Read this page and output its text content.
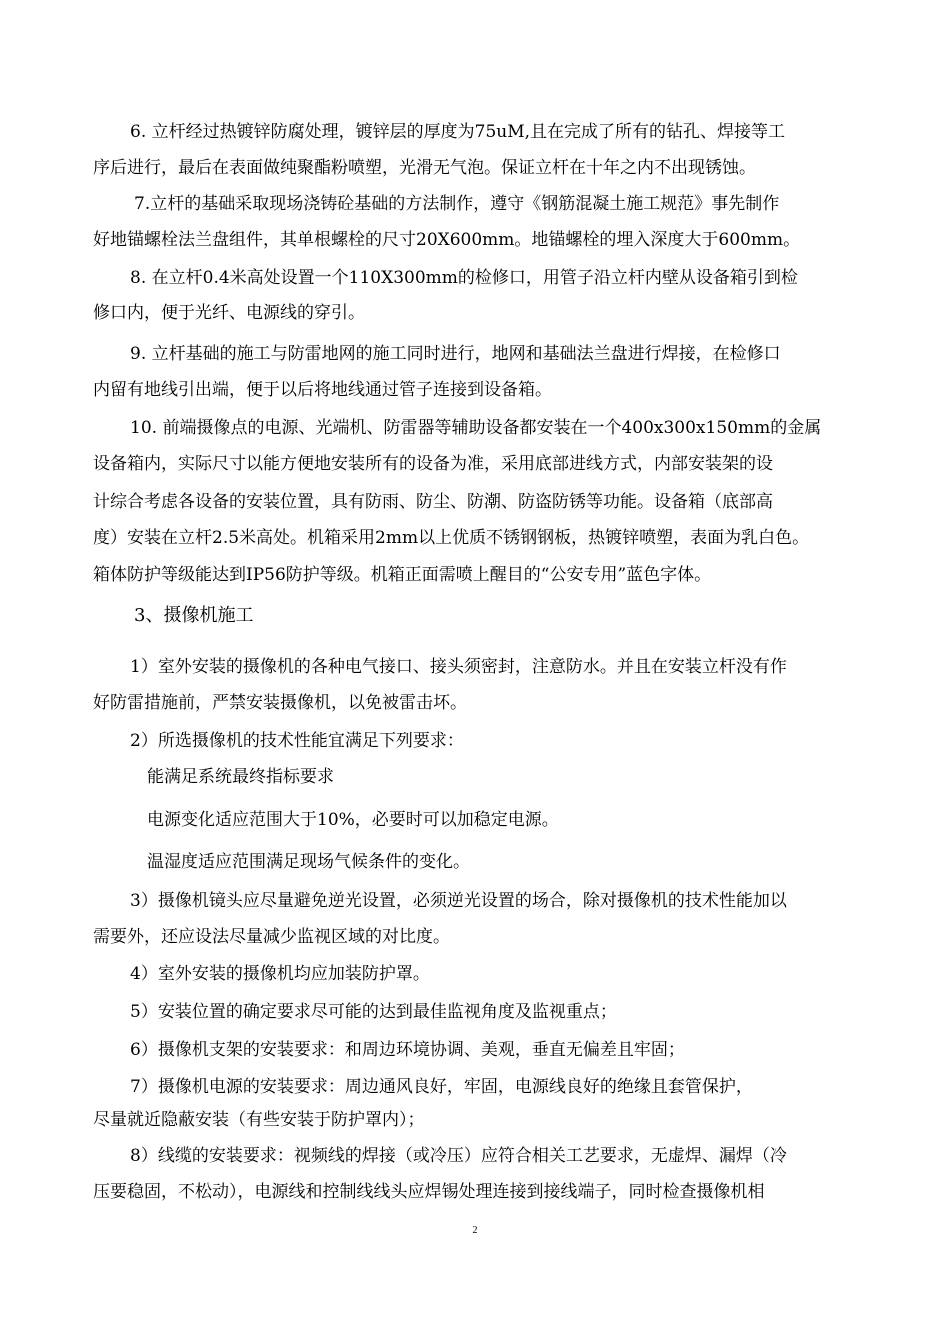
6. 立杆经过热镀锌防腐处理，镀锌层的厚度为75uM,且在完成了所有的钻孔、焊接等工
序后进行，最后在表面做纯聚酯粉喷塑，光滑无气泡。保证立杆在十年之内不出现锈蚀。
7.立杆的基础采取现场浇铸砼基础的方法制作，遵守《钢筋混凝土施工规范》事先制作
好地锚螺栓法兰盘组件，其单根螺栓的尺寸20X600mm。地锚螺栓的埋入深度大于600mm。
8. 在立杆0.4米高处设置一个110X300mm的检修口，用管子沿立杆内壁从设备箱引到检
修口内，便于光纤、电源线的穿引。
9. 立杆基础的施工与防雷地网的施工同时进行，地网和基础法兰盘进行焊接，在检修口
内留有地线引出端，便于以后将地线通过管子连接到设备箱。
10. 前端摄像点的电源、光端机、防雷器等辅助设备都安装在一个400x300x150mm的金属
设备箱内，实际尺寸以能方便地安装所有的设备为准，采用底部进线方式，内部安装架的设
计综合考虑各设备的安装位置，具有防雨、防尘、防潮、防盗防锈等功能。设备箱（底部高
度）安装在立杆2.5米高处。机箱采用2mm以上优质不锈钢钢板，热镀锌喷塑，表面为乳白色。
箱体防护等级能达到IP56防护等级。机箱正面需喷上醒目的“公安专用”蓝色字体。
3、摄像机施工
1）室外安装的摄像机的各种电气接口、接头须密封，注意防水。并且在安装立杆没有作
好防雷措施前，严禁安装摄像机，以免被雷击坏。
2）所选摄像机的技术性能宜满足下列要求：
能满足系统最终指标要求
电源变化适应范围大于10%，必要时可以加稳定电源。
温湿度适应范围满足现场气候条件的变化。
3）摄像机镜头应尽量避免逆光设置，必须逆光设置的场合，除对摄像机的技术性能加以
需要外，还应设法尽量减少监视区域的对比度。
4）室外安装的摄像机均应加装防护罩。
5）安装位置的确定要求尽可能的达到最佳监视角度及监视重点；
6）摄像机支架的安装要求：和周边环境协调、美观，垂直无偏差且牢固；
7）摄像机电源的安装要求：周边通风良好，牢固，电源线良好的绝缘且套管保护，
尽量就近隐蔽安装（有些安装于防护罩内）；
8）线缆的安装要求：视频线的焊接（或冷压）应符合相关工艺要求，无虚焊、漏焊（冷
压要稳固，不松动），电源线和控制线线头应焊锡处理连接到接线端子，同时检查摄像机相
2
